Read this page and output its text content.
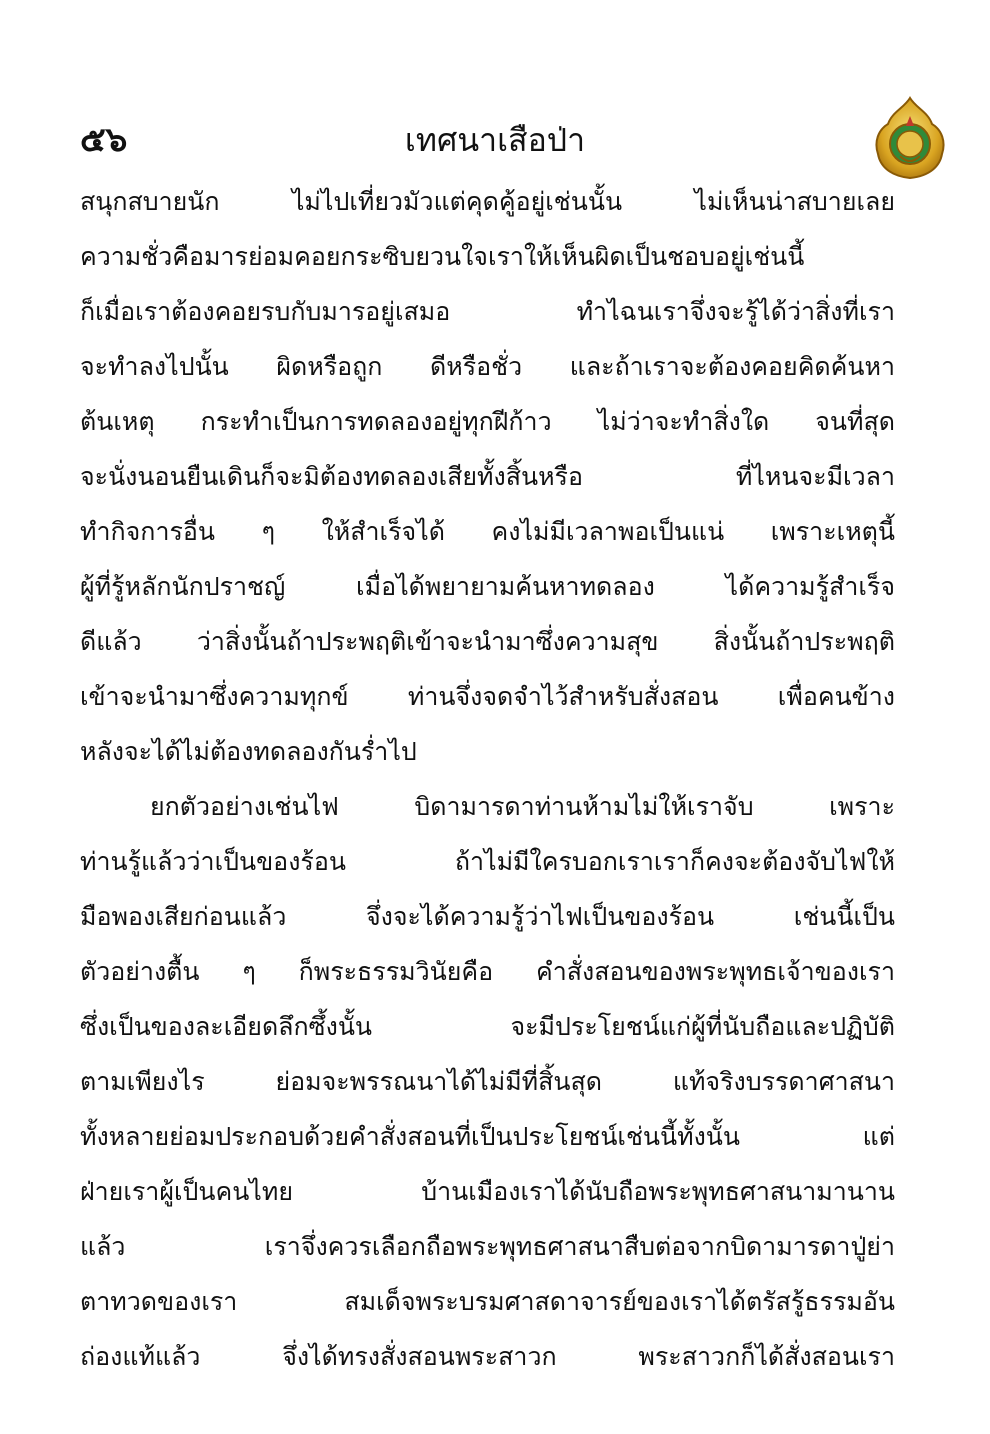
๕๖	เทศนาเสือป่า
สนุกสบายนัก ไม่ไปเที่ยวมัวแต่คุดคู้อยู่เช่นนั้น ไม่เห็นน่าสบายเลย
ความชั่วคือมารย่อมคอยกระซิบยวนใจเราให้เห็นผิดเป็นชอบอยู่เช่นนี้
ก็เมื่อเราต้องคอยรบกับมารอยู่เสมอ ทำไฉนเราจึ่งจะรู้ได้ว่าสิ่งที่เรา
จะทำลงไปนั้น ผิดหรือถูก ดีหรือชั่ว และถ้าเราจะต้องคอยคิดค้นหา
ต้นเหตุ กระทำเป็นการทดลองอยู่ทุกฝีก้าว ไม่ว่าจะทำสิ่งใด จนที่สุด
จะนั่งนอนยืนเดินก็จะมิต้องทดลองเสียทั้งสิ้นหรือ ที่ไหนจะมีเวลา
ทำกิจการอื่น ๆ ให้สำเร็จได้ คงไม่มีเวลาพอเป็นแน่ เพราะเหตุนี้
ผู้ที่รู้หลักนักปราชญ์ เมื่อได้พยายามค้นหาทดลอง ได้ความรู้สำเร็จ
ดีแล้ว ว่าสิ่งนั้นถ้าประพฤติเข้าจะนำมาซึ่งความสุข สิ่งนั้นถ้าประพฤติ
เข้าจะนำมาซึ่งความทุกข์ ท่านจึ่งจดจำไว้สำหรับสั่งสอน เพื่อคนข้าง
หลังจะได้ไม่ต้องทดลองกันร่ำไป
ยกตัวอย่างเช่นไฟ บิดามารดาท่านห้ามไม่ให้เราจับ เพราะ
ท่านรู้แล้วว่าเป็นของร้อน ถ้าไม่มีใครบอกเราเราก็คงจะต้องจับไฟให้
มือพองเสียก่อนแล้ว จึ่งจะได้ความรู้ว่าไฟเป็นของร้อน เช่นนี้เป็น
ตัวอย่างตื้น ๆ ก็พระธรรมวินัยคือ คำสั่งสอนของพระพุทธเจ้าของเรา
ซึ่งเป็นของละเอียดลึกซึ้งนั้น จะมีประโยชน์แก่ผู้ที่นับถือและปฏิบัติ
ตามเพียงไร ย่อมจะพรรณนาได้ไม่มีที่สิ้นสุด แท้จริงบรรดาศาสนา
ทั้งหลายย่อมประกอบด้วยคำสั่งสอนที่เป็นประโยชน์เช่นนี้ทั้งนั้น แต่
ฝ่ายเราผู้เป็นคนไทย บ้านเมืองเราได้นับถือพระพุทธศาสนามานาน
แล้ว เราจึ่งควรเลือกถือพระพุทธศาสนาสืบต่อจากบิดามารดาปู่ย่า
ตาทวดของเรา สมเด็จพระบรมศาสดาจารย์ของเราได้ตรัสรู้ธรรมอัน
ถ่องแท้แล้ว จึ่งได้ทรงสั่งสอนพระสาวก พระสาวกก็ได้สั่งสอนเรา
